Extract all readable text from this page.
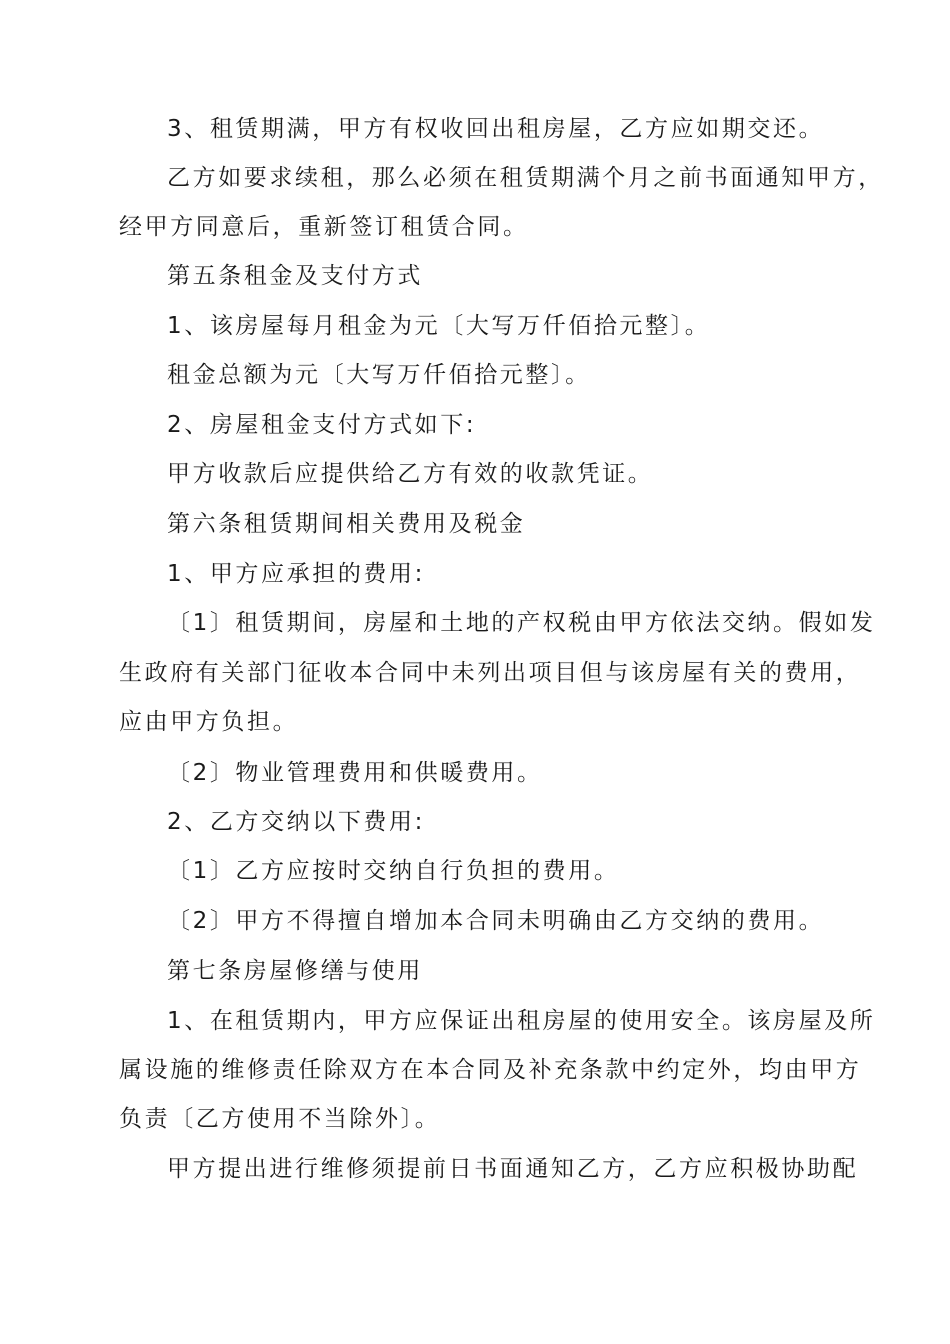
3、租赁期满，甲方有权收回出租房屋，乙方应如期交还。
乙方如要求续租，那么必须在租赁期满个月之前书面通知甲方，
经甲方同意后，重新签订租赁合同。
第五条租金及支付方式
1、该房屋每月租金为元〔大写万仟佰拾元整〕。
租金总额为元〔大写万仟佰拾元整〕。
2、房屋租金支付方式如下:
甲方收款后应提供给乙方有效的收款凭证。
第六条租赁期间相关费用及税金
1、甲方应承担的费用:
〔1〕租赁期间，房屋和土地的产权税由甲方依法交纳。假如发
生政府有关部门征收本合同中未列出项目但与该房屋有关的费用，
应由甲方负担。
〔2〕物业管理费用和供暖费用。
2、乙方交纳以下费用:
〔1〕乙方应按时交纳自行负担的费用。
〔2〕甲方不得擅自增加本合同未明确由乙方交纳的费用。
第七条房屋修缮与使用
1、在租赁期内，甲方应保证出租房屋的使用安全。该房屋及所
属设施的维修责任除双方在本合同及补充条款中约定外，均由甲方
负责〔乙方使用不当除外〕。
甲方提出进行维修须提前日书面通知乙方，乙方应积极协助配
